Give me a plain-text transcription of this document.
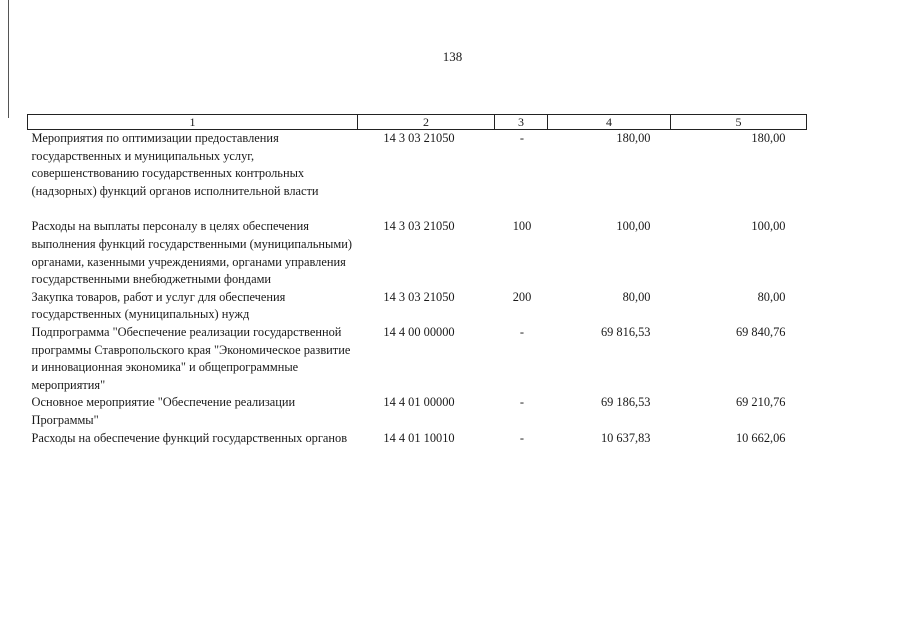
138
1	2	3	4	5
Мероприятия по оптимизации предоставления государственных и муниципальных услуг, совершенствованию государственных контрольных (надзорных) функций органов исполнительной власти	14 3 03 21050	-	180,00	180,00
Расходы на выплаты персоналу в целях обеспечения выполнения функций государственными (муниципальными) органами, казенными учреждениями, органами управления государственными внебюджетными фондами	14 3 03 21050	100	100,00	100,00
Закупка товаров, работ и услуг для обеспечения государственных (муниципальных) нужд	14 3 03 21050	200	80,00	80,00
Подпрограмма "Обеспечение реализации государственной программы Ставропольского края "Экономическое развитие и инновационная экономика" и общепрограммные мероприятия"	14 4 00 00000	-	69 816,53	69 840,76
Основное мероприятие "Обеспечение реализации Программы"	14 4 01 00000	-	69 186,53	69 210,76
Расходы на обеспечение функций государственных органов	14 4 01 10010	-	10 637,83	10 662,06
